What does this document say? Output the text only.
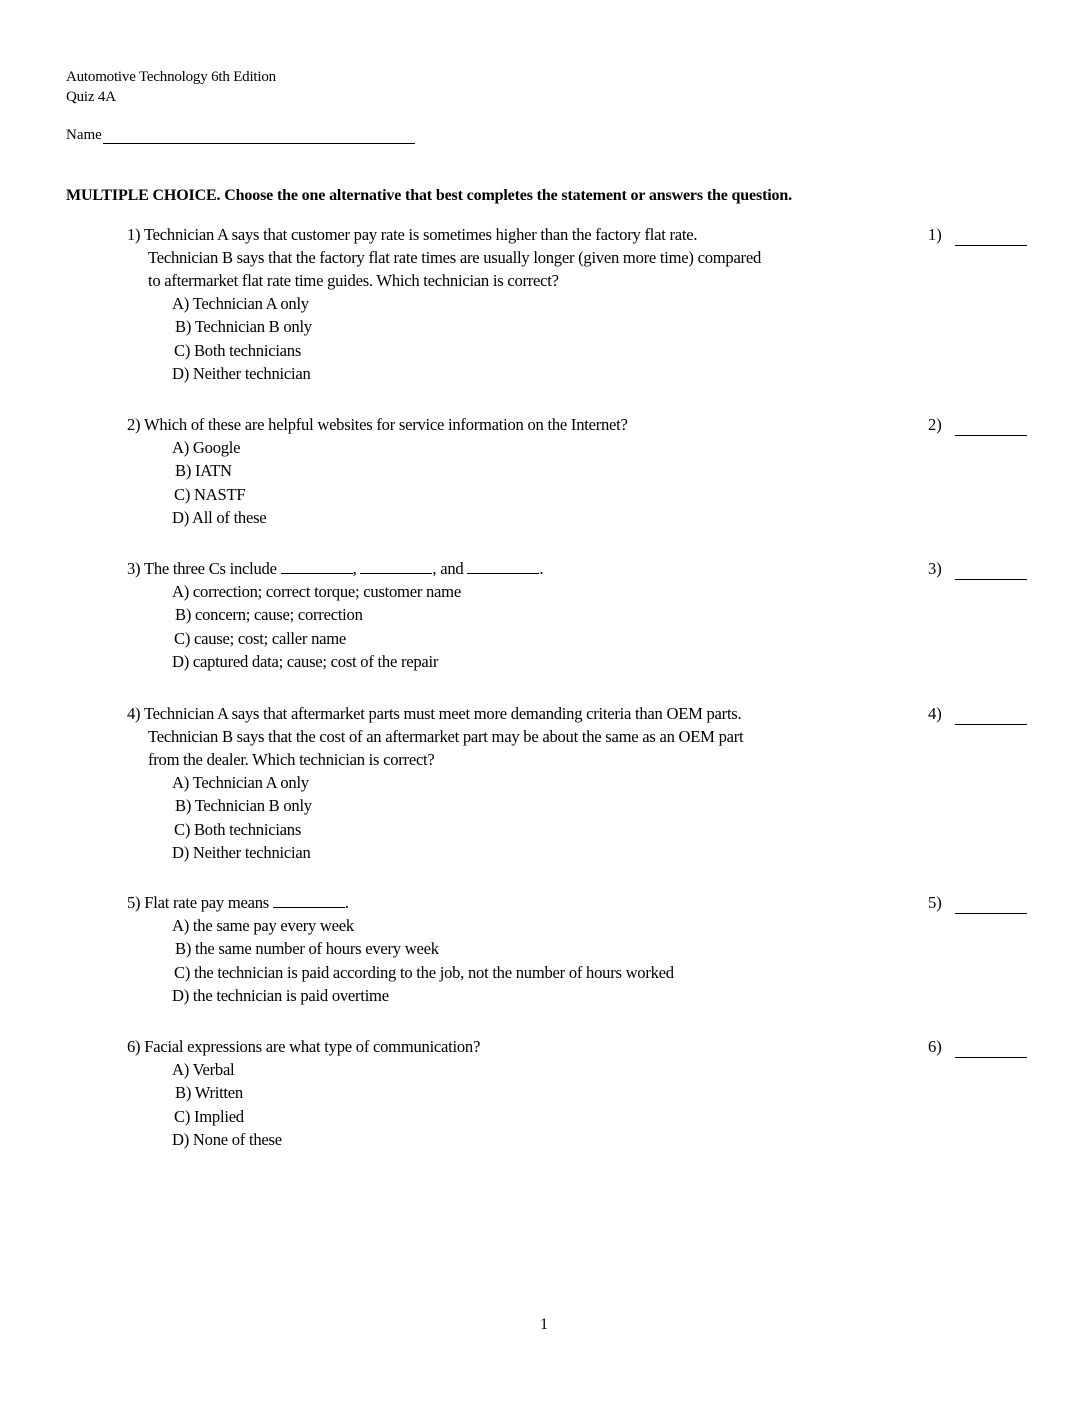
Automotive Technology 6th Edition
Quiz 4A
Name
MULTIPLE CHOICE. Choose the one alternative that best completes the statement or answers the question.
1) Technician A says that customer pay rate is sometimes higher than the factory flat rate.
Technician B says that the factory flat rate times are usually longer (given more time) compared
to aftermarket flat rate time guides. Which technician is correct?
A) Technician A only
B) Technician B only
C) Both technicians
D) Neither technician
1)
2) Which of these are helpful websites for service information on the Internet?
A) Google
B) IATN
C) NASTF
D) All of these
2)
3) The three Cs include	,	, and	.
A) correction; correct torque; customer name
B) concern; cause; correction
C) cause; cost; caller name
D) captured data; cause; cost of the repair
3)
4) Technician A says that aftermarket parts must meet more demanding criteria than OEM parts.
Technician B says that the cost of an aftermarket part may be about the same as an OEM part
from the dealer. Which technician is correct?
A) Technician A only
B) Technician B only
C) Both technicians
D) Neither technician
4)
5) Flat rate pay means	.
A) the same pay every week
B) the same number of hours every week
C) the technician is paid according to the job, not the number of hours worked
D) the technician is paid overtime
5)
6) Facial expressions are what type of communication?
A) Verbal
B) Written
C) Implied
D) None of these
6)
1
